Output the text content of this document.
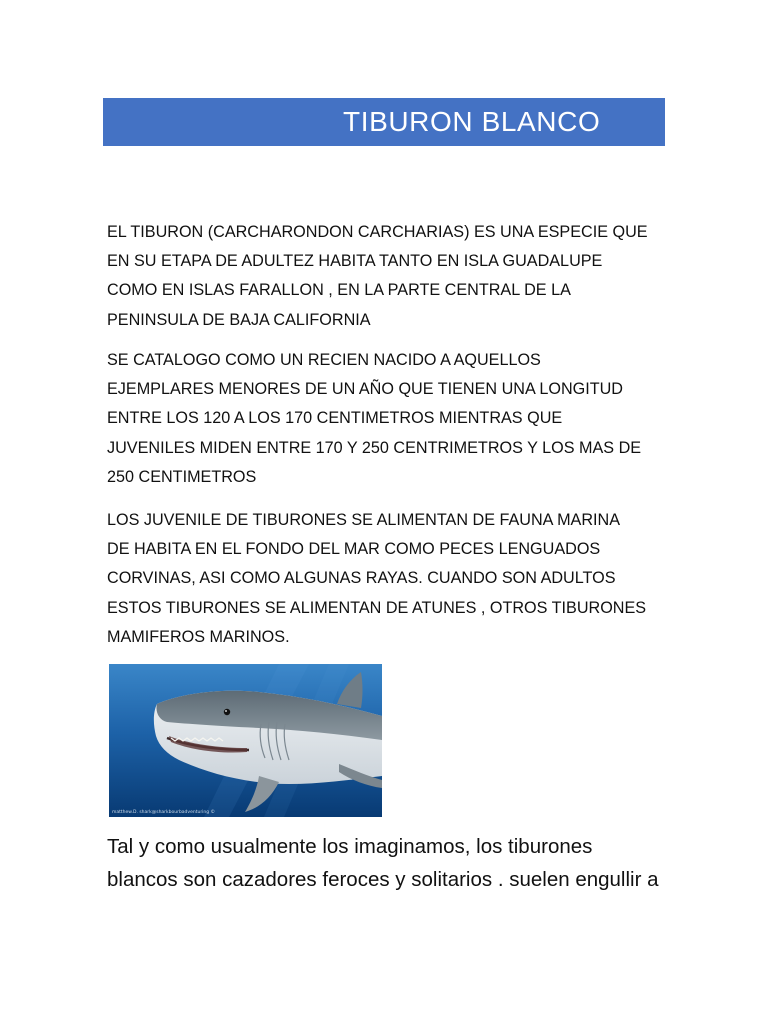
TIBURON BLANCO
EL TIBURON (CARCHARONDON CARCHARIAS) ES UNA ESPECIE QUE
EN SU ETAPA DE ADULTEZ HABITA TANTO EN ISLA GUADALUPE
COMO EN ISLAS FARALLON , EN LA PARTE CENTRAL DE LA
PENINSULA DE BAJA CALIFORNIA
SE CATALOGO COMO UN RECIEN NACIDO A AQUELLOS
EJEMPLARES MENORES DE UN AÑO QUE TIENEN UNA LONGITUD
ENTRE LOS 120 A LOS 170 CENTIMETROS MIENTRAS QUE
JUVENILES MIDEN ENTRE 170 Y 250 CENTRIMETROS Y LOS MAS DE
250 CENTIMETROS
LOS JUVENILE DE TIBURONES SE ALIMENTAN DE FAUNA MARINA
DE HABITA EN EL FONDO DEL MAR COMO PECES LENGUADOS
CORVINAS, ASI COMO ALGUNAS RAYAS. CUANDO SON ADULTOS
ESTOS TIBURONES SE ALIMENTAN DE ATUNES , OTROS TIBURONES
MAMIFEROS MARINOS.
matthew.D. shark@sharkbourbadventuring ©
Tal y como usualmente los imaginamos, los tiburones
blancos son cazadores feroces y solitarios . suelen engullir a
